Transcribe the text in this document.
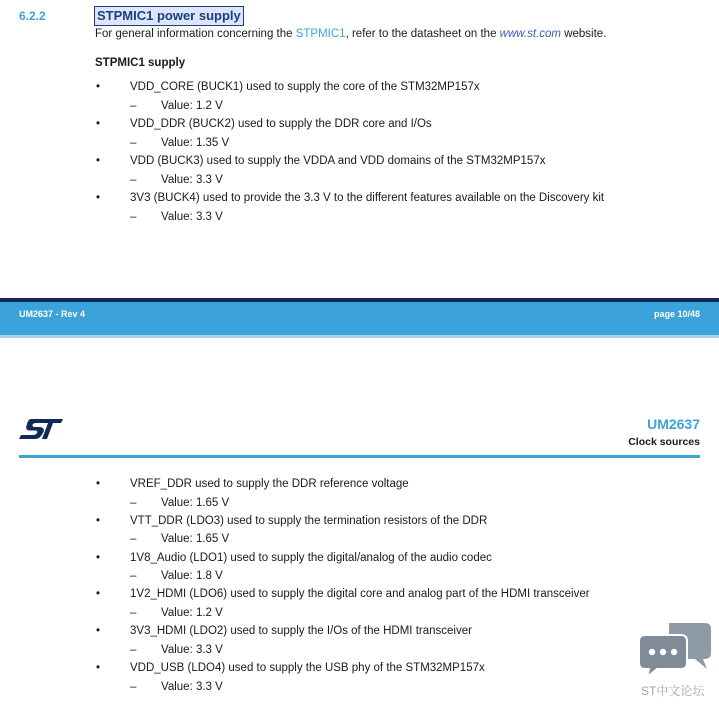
6.2.2	STPMIC1 power supply
For general information concerning the STPMIC1, refer to the datasheet on the www.st.com website.
STPMIC1 supply
•	VDD_CORE (BUCK1) used to supply the core of the STM32MP157x
– Value: 1.2 V
•	VDD_DDR (BUCK2) used to supply the DDR core and I/Os
– Value: 1.35 V
•	VDD (BUCK3) used to supply the VDDA and VDD domains of the STM32MP157x
– Value: 3.3 V
•	3V3 (BUCK4) used to provide the 3.3 V to the different features available on the Discovery kit
– Value: 3.3 V
UM2637 - Rev 4	page 10/48
UM2637
Clock sources
•	VREF_DDR used to supply the DDR reference voltage
– Value: 1.65 V
•	VTT_DDR (LDO3) used to supply the termination resistors of the DDR
– Value: 1.65 V
•	1V8_Audio (LDO1) used to supply the digital/analog of the audio codec
– Value: 1.8 V
•	1V2_HDMI (LDO6) used to supply the digital core and analog part of the HDMI transceiver
– Value: 1.2 V
•	3V3_HDMI (LDO2) used to supply the I/Os of the HDMI transceiver
– Value: 3.3 V
•	VDD_USB (LDO4) used to supply the USB phy of the STM32MP157x
– Value: 3.3 V	ST中文论坛
